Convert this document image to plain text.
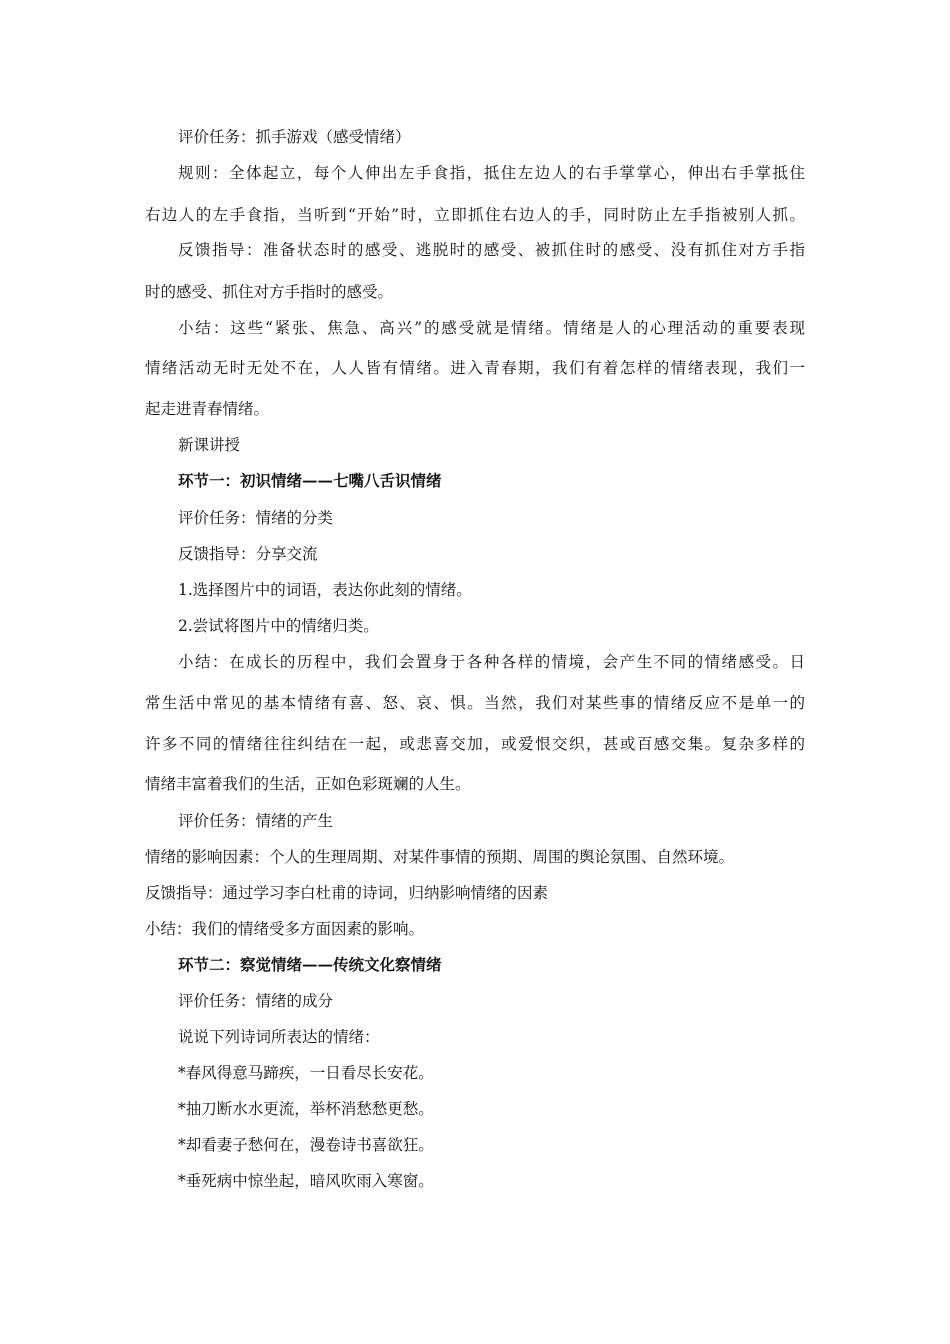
评价任务：抓手游戏（感受情绪）
规则：全体起立，每个人伸出左手食指，抵住左边人的右手掌掌心，伸出右手掌抵住
右边人的左手食指，当听到“开始”时，立即抓住右边人的手，同时防止左手指被别人抓。
反馈指导：准备状态时的感受、逃脱时的感受、被抓住时的感受、没有抓住对方手指
时的感受、抓住对方手指时的感受。
小结：这些“紧张、焦急、高兴”的感受就是情绪。情绪是人的心理活动的重要表现
情绪活动无时无处不在，人人皆有情绪。进入青春期，我们有着怎样的情绪表现，我们一
起走进青春情绪。
新课讲授
环节一：初识情绪——七嘴八舌识情绪
评价任务：情绪的分类
反馈指导：分享交流
1.选择图片中的词语，表达你此刻的情绪。
2.尝试将图片中的情绪归类。
小结：在成长的历程中，我们会置身于各种各样的情境，会产生不同的情绪感受。日
常生活中常见的基本情绪有喜、怒、哀、惧。当然，我们对某些事的情绪反应不是单一的
许多不同的情绪往往纠结在一起，或悲喜交加，或爱恨交织，甚或百感交集。复杂多样的
情绪丰富着我们的生活，正如色彩斑斓的人生。
评价任务：情绪的产生
情绪的影响因素：个人的生理周期、对某件事情的预期、周围的舆论氛围、自然环境。
反馈指导：通过学习李白杜甫的诗词，归纳影响情绪的因素
小结：我们的情绪受多方面因素的影响。
环节二：察觉情绪——传统文化察情绪
评价任务：情绪的成分
说说下列诗词所表达的情绪：
*春风得意马蹄疾，一日看尽长安花。
*抽刀断水水更流，举杯消愁愁更愁。
*却看妻子愁何在，漫卷诗书喜欲狂。
*垂死病中惊坐起，暗风吹雨入寒窗。
